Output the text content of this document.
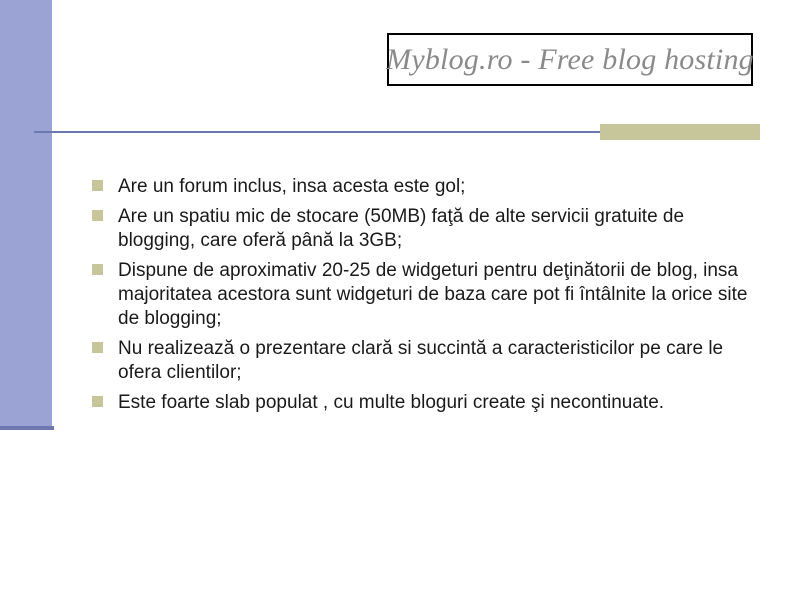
Myblog.ro - Free blog hosting
Are un forum inclus, insa acesta este gol;
Are un spatiu mic de stocare (50MB) faţă de alte servicii gratuite de blogging, care oferă până la 3GB;
Dispune de aproximativ 20-25 de widgeturi pentru deţinătorii de blog, insa majoritatea acestora sunt widgeturi de baza care pot fi întâlnite la orice site de blogging;
Nu realizează o prezentare clară si succintă a caracteristicilor pe care le ofera clientilor;
Este foarte slab populat , cu multe bloguri create şi necontinuate.
